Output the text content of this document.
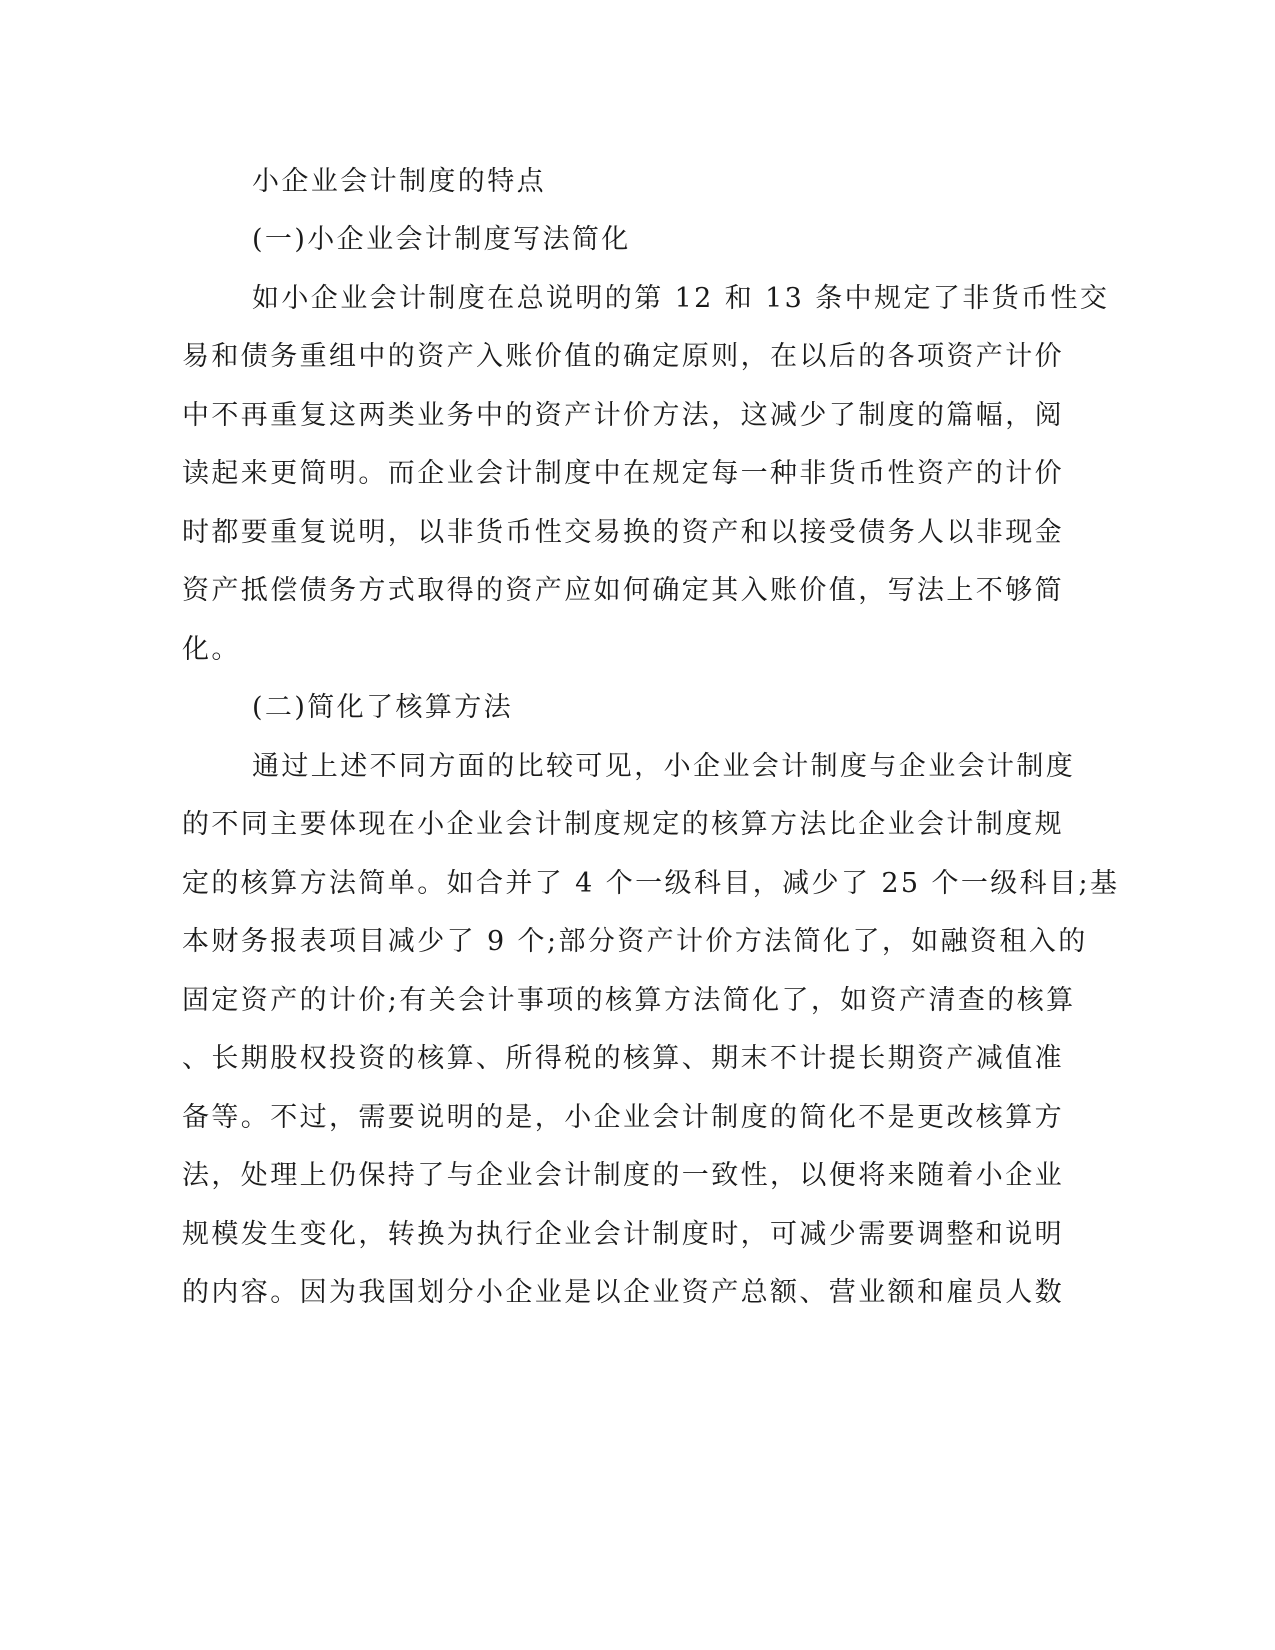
小企业会计制度的特点

(一)小企业会计制度写法简化

如小企业会计制度在总说明的第 12 和 13 条中规定了非货币性交

易和债务重组中的资产入账价值的确定原则，在以后的各项资产计价

中不再重复这两类业务中的资产计价方法，这减少了制度的篇幅，阅

读起来更简明。而企业会计制度中在规定每一种非货币性资产的计价

时都要重复说明，以非货币性交易换的资产和以接受债务人以非现金

资产抵偿债务方式取得的资产应如何确定其入账价值，写法上不够简

化。

(二)简化了核算方法

通过上述不同方面的比较可见，小企业会计制度与企业会计制度

的不同主要体现在小企业会计制度规定的核算方法比企业会计制度规

定的核算方法简单。如合并了 4 个一级科目，减少了 25 个一级科目;基

本财务报表项目减少了 9 个;部分资产计价方法简化了，如融资租入的

固定资产的计价;有关会计事项的核算方法简化了，如资产清查的核算

、长期股权投资的核算、所得税的核算、期末不计提长期资产减值准

备等。不过，需要说明的是，小企业会计制度的简化不是更改核算方

法，处理上仍保持了与企业会计制度的一致性，以便将来随着小企业

规模发生变化，转换为执行企业会计制度时，可减少需要调整和说明

的内容。因为我国划分小企业是以企业资产总额、营业额和雇员人数
